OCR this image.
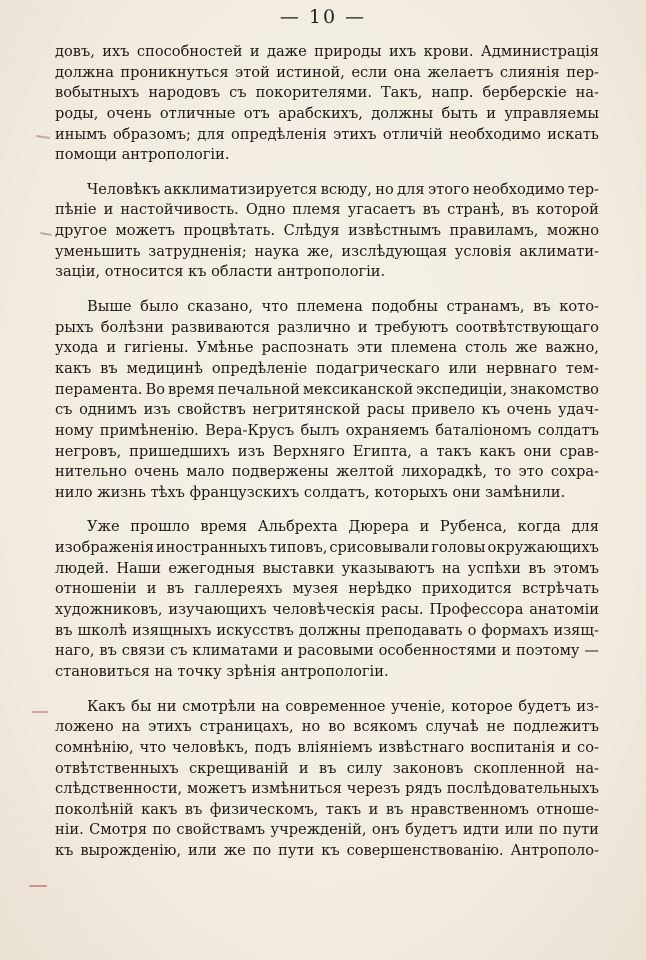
— 10 —
довъ, ихъ способностей и даже природы ихъ крови. Администрація
должна проникнуться этой истиной, если она желаетъ слиянія пер-
вобытныхъ народовъ съ покорителями. Такъ, напр. берберскіе на-
роды, очень отличные отъ арабскихъ, должны быть и управляемы
инымъ образомъ; для опредѣленія этихъ отличій необходимо искать
помощи антропологіи.
Человѣкъ акклиматизируется всюду, но для этого необходимо тер-
пѣніе и настойчивость. Одно племя угасаетъ въ странѣ, въ которой
другое можетъ процвѣтать. Слѣдуя извѣстнымъ правиламъ, можно
уменьшить затрудненія; наука же, изслѣдующая условія аклимати-
заціи, относится къ области антропологіи.
Выше было сказано, что племена подобны странамъ, въ кото-
рыхъ болѣзни развиваются различно и требуютъ соотвѣтствующаго
ухода и гигіены. Умѣнье распознать эти племена столь же важно,
какъ въ медицинѣ опредѣленіе подагрическаго или нервнаго тем-
перамента. Во время печальной мексиканской экспедиціи, знакомство
съ однимъ изъ свойствъ негритянской расы привело къ очень удач-
ному примѣненію. Вера-Крусъ былъ охраняемъ баталіономъ солдатъ
негровъ, пришедшихъ изъ Верхняго Египта, а такъ какъ они срав-
нительно очень мало подвержены желтой лихорадкѣ, то это сохра-
нило жизнь тѣхъ французскихъ солдатъ, которыхъ они замѣнили.
Уже прошло время Альбрехта Дюрера и Рубенса, когда для
изображенія иностранныхъ типовъ, срисовывали головы окружающихъ
людей. Наши ежегодныя выставки указываютъ на успѣхи въ этомъ
отношеніи и въ галлереяхъ музея нерѣдко приходится встрѣчать
художниковъ, изучающихъ человѣческія расы. Профессора анатоміи
въ школѣ изящныхъ искусствъ должны преподавать о формахъ изящ-
наго, въ связи съ климатами и расовыми особенностями и поэтому —
становиться на точку зрѣнія антропологіи.
Какъ бы ни смотрѣли на современное ученіе, которое будетъ из-
ложено на этихъ страницахъ, но во всякомъ случаѣ не подлежитъ
сомнѣнію, что человѣкъ, подъ вліяніемъ извѣстнаго воспитанія и со-
отвѣтственныхъ скрещиваній и въ силу законовъ скопленной на-
слѣдственности, можетъ измѣниться черезъ рядъ послѣдовательныхъ
поколѣній какъ въ физическомъ, такъ и въ нравственномъ отноше-
ніи. Смотря по свойствамъ учрежденій, онъ будетъ идти или по пути
къ вырожденію, или же по пути къ совершенствованію. Антрополо-
